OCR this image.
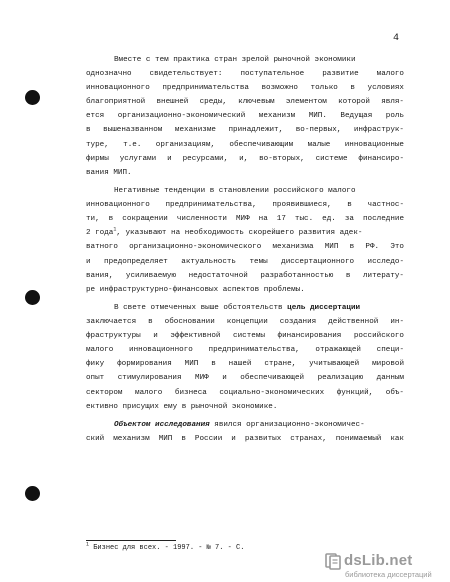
4

Вместе с тем практика стран зрелой рыночной экономики
однозначно свидетельствует: поступательное развитие малого
инновационного предпринимательства возможно только в условиях
благоприятной внешней среды, ключевым элементом которой явля-
ется организационно-экономический механизм МИП. Ведущая роль
в вышеназванном механизме принадлежит, во-первых, инфраструк-
туре, т.е. организациям, обеспечивающим малые инновационные
фирмы услугами и ресурсами, и, во-вторых, системе финансиро-
вания МИП.

Негативные тенденции в становлении российского малого
инновационного предпринимательства, проявившиеся, в частнос-
ти, в сокращении численности МИФ на 17 тыс. ед. за последние
2 года$^1$, указывают на необходимость скорейшего развития адек-
ватного организационно-экономического механизма МИП в РФ. Это
и предопределяет актуальность темы диссертационного исследо-
вания, усиливаемую недостаточной разработанностью в литерату-
ре инфраструктурно-финансовых аспектов проблемы.

В свете отмеченных выше обстоятельств цель диссертации
заключается в обосновании концепции создания действенной ин-
фраструктуры и эффективной системы финансирования российского
малого инновационного предпринимательства, отражающей специ-
фику формирования МИП в нашей стране, учитывающей мировой
опыт стимулирования МИФ и обеспечивающей реализацию данным
сектором малого бизнеса социально-экономических функций, объ-
ективно присущих ему в рыночной экономике.

Объектом исследования явился организационно-экономичес-
ский механизм МИП в России и развитых странах, понимаемый как

$^1$ Бизнес для всех. - 1997. - № 7. - С.
dsLib.net
библиотека диссертаций
